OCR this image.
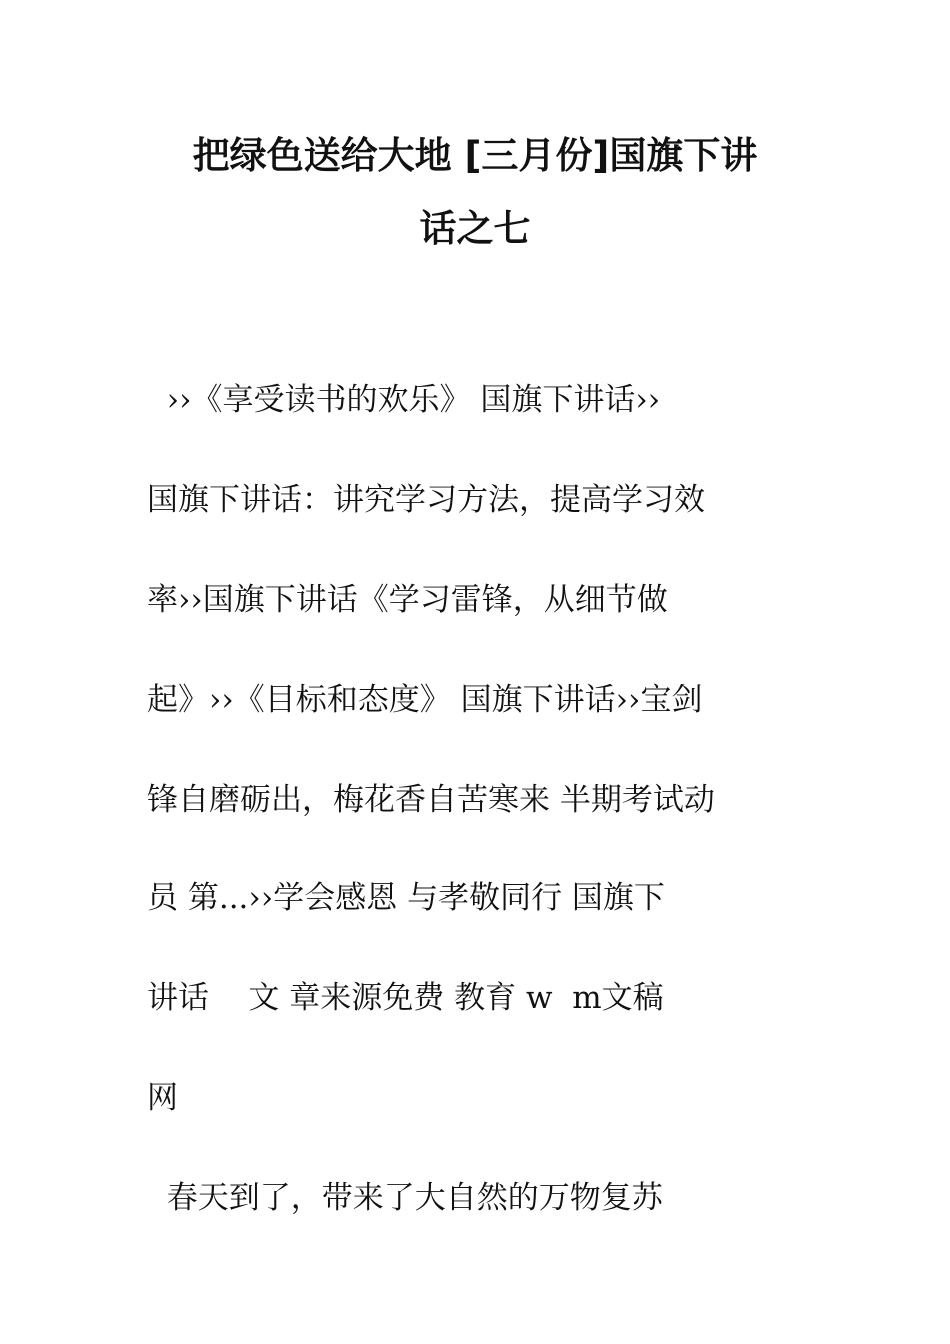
把绿色送给大地 [三月份]国旗下讲
话之七

››《享受读书的欢乐》 国旗下讲话››

国旗下讲话：讲究学习方法，提高学习效

率››国旗下讲话《学习雷锋，从细节做

起》››《目标和态度》 国旗下讲话››宝剑

锋自磨砺出，梅花香自苦寒来 半期考试动

员 第...››学会感恩 与孝敬同行 国旗下

讲话    文 章来源免费 教育 w  m文稿

网

春天到了，带来了大自然的万物复苏
